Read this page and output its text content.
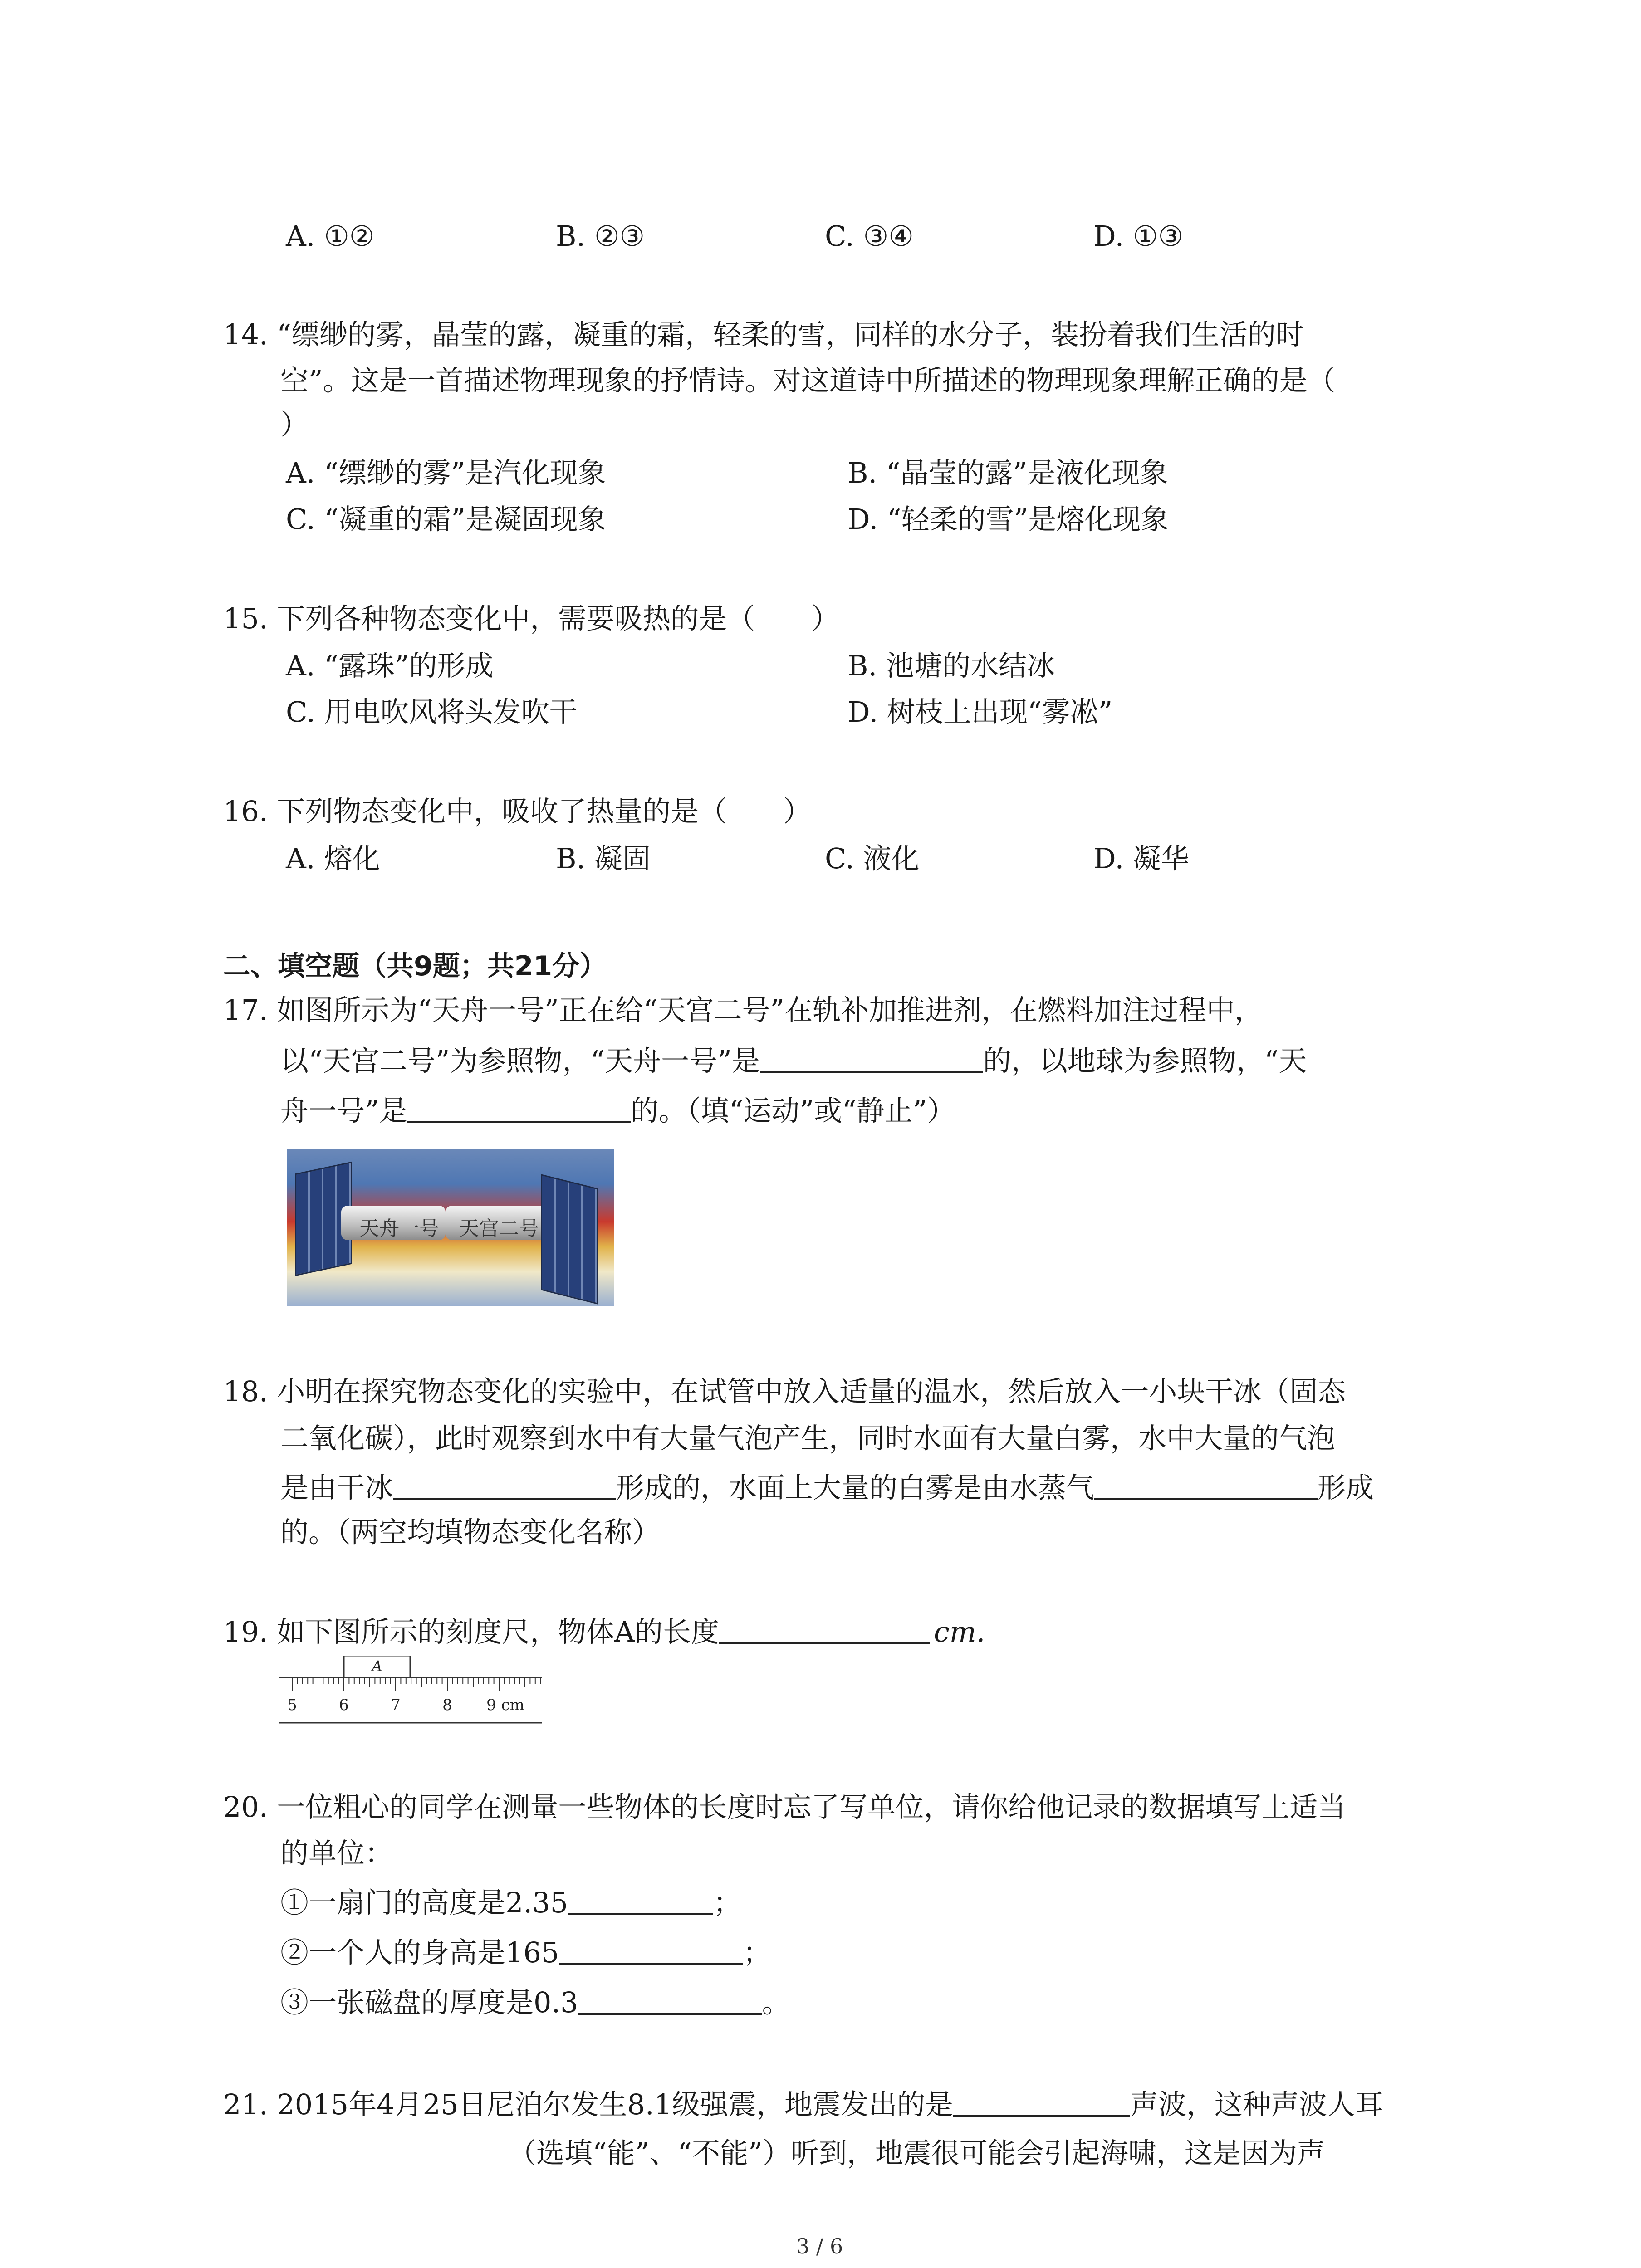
A. ①②	B. ②③	C. ③④	D. ①③
14. “缥缈的雾，晶莹的露，凝重的霜，轻柔的雪，同样的水分子，装扮着我们生活的时
空”。这是一首描述物理现象的抒情诗。对这道诗中所描述的物理现象理解正确的是（
）
A. “缥缈的雾”是汽化现象	B. “晶莹的露”是液化现象
C. “凝重的霜”是凝固现象	D. “轻柔的雪”是熔化现象
15. 下列各种物态变化中，需要吸热的是（　　）
A. “露珠”的形成	B. 池塘的水结冰
C. 用电吹风将头发吹干	D. 树枝上出现“雾凇”
16. 下列物态变化中，吸收了热量的是（　　）
A. 熔化	B. 凝固	C. 液化	D. 凝华
二、填空题（共9题；共21分）
17. 如图所示为“天舟一号”正在给“天宫二号”在轨补加推进剂，在燃料加注过程中，
以“天宫二号”为参照物，“天舟一号”是	的，以地球为参照物，“天
舟一号”是	的。（填“运动”或“静止”）
天舟一号 天宫二号
18. 小明在探究物态变化的实验中，在试管中放入适量的温水，然后放入一小块干冰（固态
二氧化碳），此时观察到水中有大量气泡产生，同时水面有大量白雾，水中大量的气泡
是由干冰	形成的，水面上大量的白雾是由水蒸气	形成
的。（两空均填物态变化名称）
19. 如下图所示的刻度尺，物体A的长度	cm.
A
5	6	7	8 9 cm
20. 一位粗心的同学在测量一些物体的长度时忘了写单位，请你给他记录的数据填写上适当
的单位：
①一扇门的高度是2.35	；
②一个人的身高是165	；
③一张磁盘的厚度是0.3	。
21. 2015年4月25日尼泊尔发生8.1级强震，地震发出的是	声波，这种声波人耳
（选填“能”、“不能”）听到，地震很可能会引起海啸，这是因为声
3 / 6
